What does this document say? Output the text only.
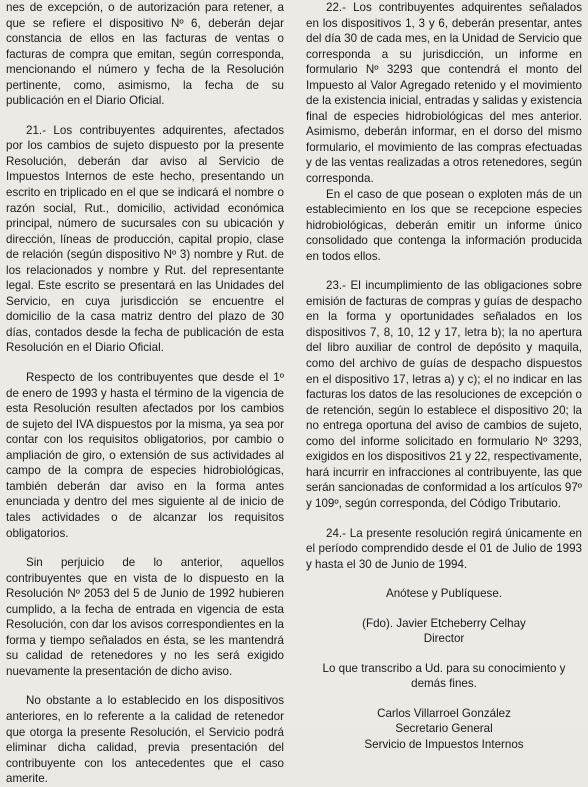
nes de excepción, o de autorización para retener, a que se refiere el dispositivo Nº 6, deberán dejar constancia de ellos en las facturas de ventas o facturas de compra que emitan, según corresponda, mencionando el número y fecha de la Resolución pertinente, como, asimismo, la fecha de su publicación en el Diario Oficial.

21.- Los contribuyentes adquirentes, afectados por los cambios de sujeto dispuesto por la presente Resolución, deberán dar aviso al Servicio de Impuestos Internos de este hecho, presentando un escrito en triplicado en el que se indicará el nombre o razón social, Rut., domicilio, actividad económica principal, número de sucursales con su ubicación y dirección, líneas de producción, capital propio, clase de relación (según dispositivo Nº 3) nombre y Rut. de los relacionados y nombre y Rut. del representante legal. Este escrito se presentará en las Unidades del Servicio, en cuya jurisdicción se encuentre el domicilio de la casa matriz dentro del plazo de 30 días, contados desde la fecha de publicación de esta Resolución en el Diario Oficial.

Respecto de los contribuyentes que desde el 1º de enero de 1993 y hasta el término de la vigencia de esta Resolución resulten afectados por los cambios de sujeto del IVA dispuestos por la misma, ya sea por contar con los requisitos obligatorios, por cambio o ampliación de giro, o extensión de sus actividades al campo de la compra de especies hidrobiológicas, también deberán dar aviso en la forma antes enunciada y dentro del mes siguiente al de inicio de tales actividades o de alcanzar los requisitos obligatorios.

Sin perjuicio de lo anterior, aquellos contribuyentes que en vista de lo dispuesto en la Resolución Nº 2053 del 5 de Junio de 1992 hubieren cumplido, a la fecha de entrada en vigencia de esta Resolución, con dar los avisos correspondientes en la forma y tiempo señalados en ésta, se les mantendrá su calidad de retenedores y no les será exigido nuevamente la presentación de dicho aviso.

No obstante a lo establecido en los dispositivos anteriores, en lo referente a la calidad de retenedor que otorga la presente Resolución, el Servicio podrá eliminar dicha calidad, previa presentación del contribuyente con los antecedentes que el caso amerite.

22.- Los contribuyentes adquirentes señalados en los dispositivos 1, 3 y 6, deberán presentar, antes del día 30 de cada mes, en la Unidad de Servicio que corresponda a su jurisdicción, un informe en formulario Nº 3293 que contendrá el monto del Impuesto al Valor Agregado retenido y el movimiento de la existencia inicial, entradas y salidas y existencia final de especies hidrobiológicas del mes anterior. Asimismo, deberán informar, en el dorso del mismo formulario, el movimiento de las compras efectuadas y de las ventas realizadas a otros retenedores, según corresponda.

En el caso de que posean o exploten más de un establecimiento en los que se recepcione especies hidrobiológicas, deberán emitir un informe único consolidado que contenga la información producida en todos ellos.

23.- El incumplimiento de las obligaciones sobre emisión de facturas de compras y guías de despacho en la forma y oportunidades señalados en los dispositivos 7, 8, 10, 12 y 17, letra b); la no apertura del libro auxiliar de control de depósito y maquila, como del archivo de guías de despacho dispuestos en el dispositivo 17, letras a) y c); el no indicar en las facturas los datos de las resoluciones de excepción o de retención, según lo establece el dispositivo 20; la no entrega oportuna del aviso de cambios de sujeto, como del informe solicitado en formulario Nº 3293, exigidos en los dispositivos 21 y 22, respectivamente, hará incurrir en infracciones al contribuyente, las que serán sancionadas de conformidad a los artículos 97º y 109º, según corresponda, del Código Tributario.

24.- La presente resolución regirá únicamente en el período comprendido desde el 01 de Julio de 1993 y hasta el 30 de Junio de 1994.

Anótese y Publíquese.

(Fdo). Javier Etcheberry Celhay

Director

Lo que transcribo a Ud. para su conocimiento y demás fines.

Carlos Villarroel González

Secretario General

Servicio de Impuestos Internos
